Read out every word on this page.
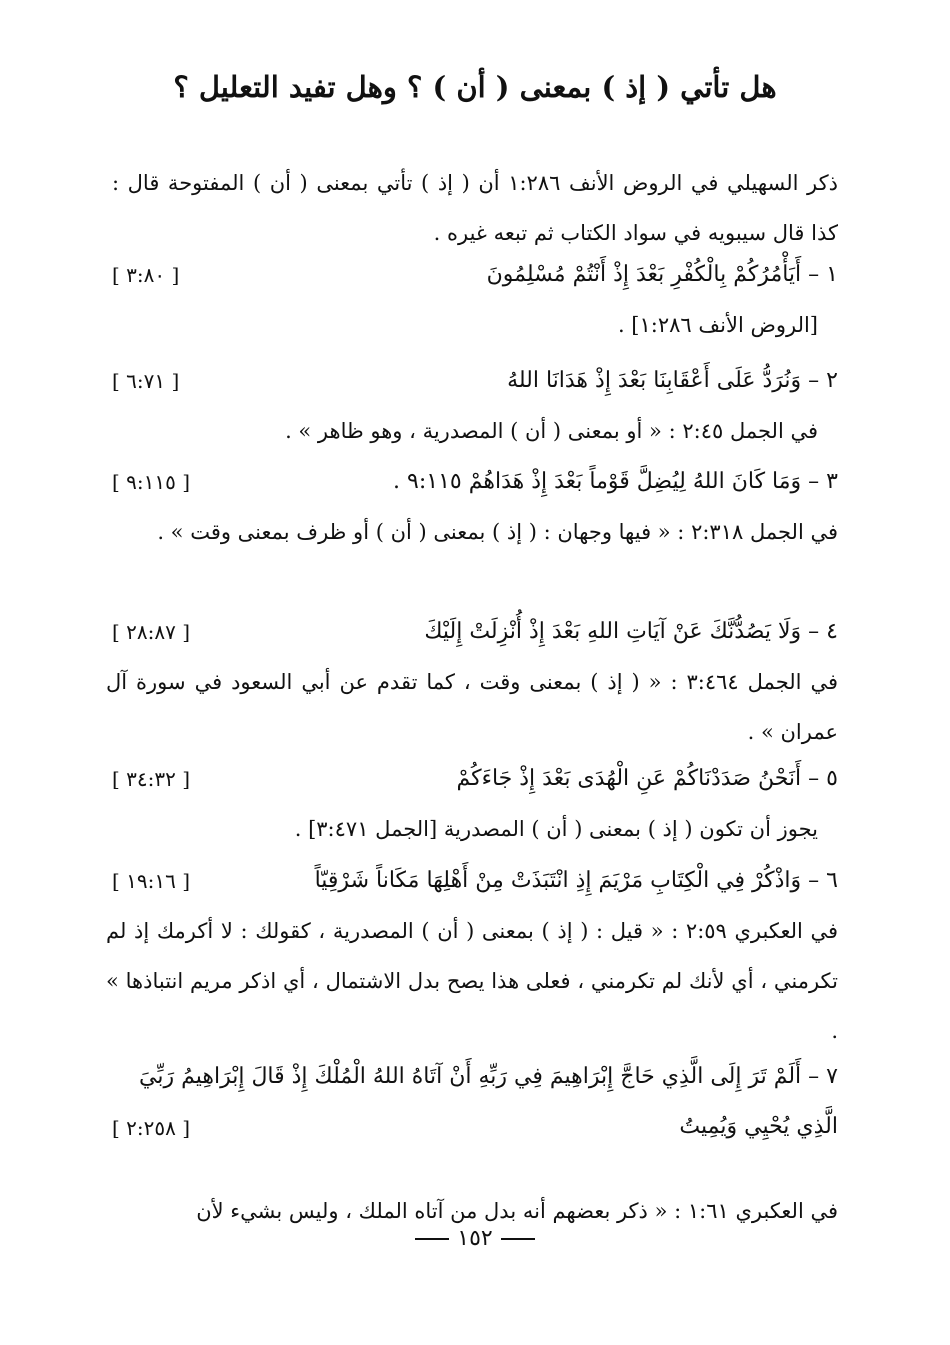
هل تأتي ( إذ ) بمعنى ( أن ) ؟ وهل تفيد التعليل ؟
ذكر السهيلي في الروض الأنف ١:٢٨٦ أن ( إذ ) تأتي بمعنى ( أن ) المفتوحة قال : كذا قال سيبويه في سواد الكتاب ثم تبعه غيره .
١ – أَيَأْمُرُكُمْ بِالْكُفْرِ بَعْدَ إِذْ أَنْتُمْ مُسْلِمُونَ
[ ٣:٨٠ ]
[الروض الأنف ١:٢٨٦] .
٢ – وَنُرَدُّ عَلَى أَعْقَابِنَا بَعْدَ إِذْ هَدَانَا اللهُ
[ ٦:٧١ ]
في الجمل ٢:٤٥ : « أو بمعنى ( أن ) المصدرية ، وهو ظاهر » .
٣ – وَمَا كَانَ اللهُ لِيُضِلَّ قَوْماً بَعْدَ إِذْ هَدَاهُمْ ٩:١١٥ .
[ ٩:١١٥ ]
في الجمل ٢:٣١٨ : « فيها وجهان : ( إذ ) بمعنى ( أن ) أو ظرف بمعنى وقت » .
٤ – وَلَا يَصُدُّنَّكَ عَنْ آيَاتِ اللهِ بَعْدَ إِذْ أُنْزِلَتْ إِلَيْكَ
[ ٢٨:٨٧ ]
في الجمل ٣:٤٦٤ : « ( إذ ) بمعنى وقت ، كما تقدم عن أبي السعود في سورة آل عمران » .
٥ – أَنَحْنُ صَدَدْنَاكُمْ عَنِ الْهُدَى بَعْدَ إِذْ جَاءَكُمْ
[ ٣٤:٣٢ ]
يجوز أن تكون ( إذ ) بمعنى ( أن ) المصدرية [الجمل ٣:٤٧١] .
٦ – وَاذْكُرْ فِي الْكِتَابِ مَرْيَمَ إِذِ انْتَبَذَتْ مِنْ أَهْلِهَا مَكَاناً شَرْقِيّاً
[ ١٩:١٦ ]
في العكبري ٢:٥٩ : « قيل : ( إذ ) بمعنى ( أن ) المصدرية ، كقولك : لا أكرمك إذ لم تكرمني ، أي لأنك لم تكرمني ، فعلى هذا يصح بدل الاشتمال ، أي اذكر مريم انتباذها » .
٧ – أَلَمْ تَرَ إِلَى الَّذِي حَاجَّ إِبْرَاهِيمَ فِي رَبِّهِ أَنْ آتَاهُ اللهُ الْمُلْكَ إِذْ قَالَ إِبْرَاهِيمُ رَبِّيَ الَّذِي يُحْيِي وَيُمِيتُ
[ ٢:٢٥٨ ]
في العكبري ١:٦١ : « ذكر بعضهم أنه بدل من آتاه الملك ، وليس بشيء لأن
١٥٢
